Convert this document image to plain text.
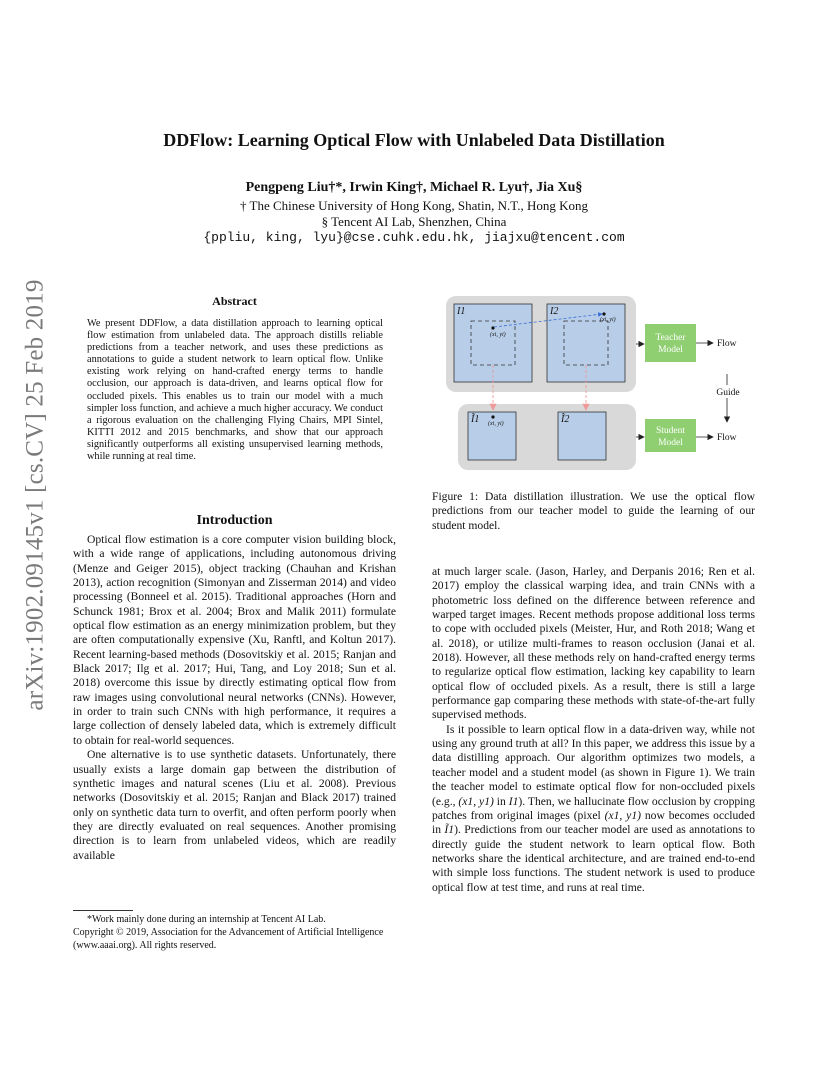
arXiv:1902.09145v1 [cs.CV] 25 Feb 2019
DDFlow: Learning Optical Flow with Unlabeled Data Distillation
Pengpeng Liu†*, Irwin King†, Michael R. Lyu†, Jia Xu§
† The Chinese University of Hong Kong, Shatin, N.T., Hong Kong
§ Tencent AI Lab, Shenzhen, China
{ppliu, king, lyu}@cse.cuhk.edu.hk, jiajxu@tencent.com
Abstract
We present DDFlow, a data distillation approach to learning optical flow estimation from unlabeled data. The approach distills reliable predictions from a teacher network, and uses these predictions as annotations to guide a student network to learn optical flow. Unlike existing work relying on hand-crafted energy terms to handle occlusion, our approach is data-driven, and learns optical flow for occluded pixels. This enables us to train our model with a much simpler loss function, and achieve a much higher accuracy. We conduct a rigorous evaluation on the challenging Flying Chairs, MPI Sintel, KITTI 2012 and 2015 benchmarks, and show that our approach significantly outperforms all existing unsupervised learning methods, while running at real time.
Introduction

Optical flow estimation is a core computer vision building block, with a wide range of applications, including autonomous driving (Menze and Geiger 2015), object tracking (Chauhan and Krishan 2013), action recognition (Simonyan and Zisserman 2014) and video processing (Bonneel et al. 2015). Traditional approaches (Horn and Schunck 1981; Brox et al. 2004; Brox and Malik 2011) formulate optical flow estimation as an energy minimization problem, but they are often computationally expensive (Xu, Ranftl, and Koltun 2017). Recent learning-based methods (Dosovitskiy et al. 2015; Ranjan and Black 2017; Ilg et al. 2017; Hui, Tang, and Loy 2018; Sun et al. 2018) overcome this issue by directly estimating optical flow from raw images using convolutional neural networks (CNNs). However, in order to train such CNNs with high performance, it requires a large collection of densely labeled data, which is extremely difficult to obtain for real-world sequences.

One alternative is to use synthetic datasets. Unfortunately, there usually exists a large domain gap between the distribution of synthetic images and natural scenes (Liu et al. 2008). Previous networks (Dosovitskiy et al. 2015; Ranjan and Black 2017) trained only on synthetic data turn to overfit, and often perform poorly when they are directly evaluated on real sequences. Another promising direction is to learn from unlabeled videos, which are readily available

*Work mainly done during an internship at Tencent AI Lab.
Copyright © 2019, Association for the Advancement of Artificial Intelligence (www.aaai.org). All rights reserved.
I1	I2
(xi, yi)
(xi, yi)
Ĩ1	Ĩ2
(xi, yi)
Teacher
Model
Flow
Guide
Student
Model	Flow
Figure 1: Data distillation illustration. We use the optical flow predictions from our teacher model to guide the learning of our student model.

at much larger scale. (Jason, Harley, and Derpanis 2016; Ren et al. 2017) employ the classical warping idea, and train CNNs with a photometric loss defined on the difference between reference and warped target images. Recent methods propose additional loss terms to cope with occluded pixels (Meister, Hur, and Roth 2018; Wang et al. 2018), or utilize multi-frames to reason occlusion (Janai et al. 2018). However, all these methods rely on hand-crafted energy terms to regularize optical flow estimation, lacking key capability to learn optical flow of occluded pixels. As a result, there is still a large performance gap comparing these methods with state-of-the-art fully supervised methods.

Is it possible to learn optical flow in a data-driven way, while not using any ground truth at all? In this paper, we address this issue by a data distilling approach. Our algorithm optimizes two models, a teacher model and a student model (as shown in Figure 1). We train the teacher model to estimate optical flow for non-occluded pixels (e.g., (x1, y1) in I1). Then, we hallucinate flow occlusion by cropping patches from original images (pixel (x1, y1) now becomes occluded in Ĩ1). Predictions from our teacher model are used as annotations to directly guide the student network to learn optical flow. Both networks share the identical architecture, and are trained end-to-end with simple loss functions. The student network is used to produce optical flow at test time, and runs at real time.
